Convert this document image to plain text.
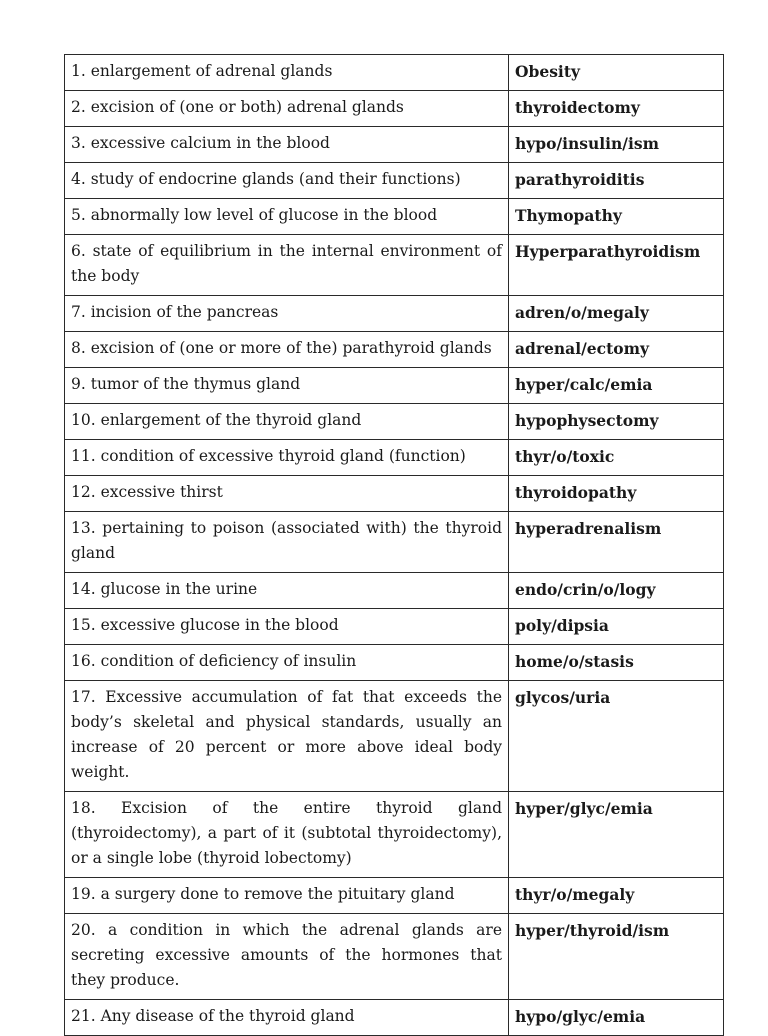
1. enlargement of adrenal glands	Obesity
2. excision of (one or both) adrenal glands	thyroidectomy
3. excessive calcium in the blood	hypo/insulin/ism
4. study of endocrine glands (and their functions)	parathyroiditis
5. abnormally low level of glucose in the blood	Thymopathy
6. state of equilibrium in the internal environment of the body	Hyperparathyroidism
7. incision of the pancreas	adren/o/megaly
8. excision of (one or more of the) parathyroid glands	adrenal/ectomy
9. tumor of the thymus gland	hyper/calc/emia
10. enlargement of the thyroid gland	hypophysectomy
11. condition of excessive thyroid gland (function)	thyr/o/toxic
12. excessive thirst	thyroidopathy
13. pertaining to poison (associated with) the thyroid gland	hyperadrenalism
14. glucose in the urine	endo/crin/o/logy
15. excessive glucose in the blood	poly/dipsia
16. condition of deficiency of insulin	home/o/stasis
17. Excessive accumulation of fat that exceeds the body’s skeletal and physical standards, usually an increase of 20 percent or more above ideal body weight.	glycos/uria
18. Excision of the entire thyroid gland (thyroidectomy), a part of it (subtotal thyroidectomy), or a single lobe (thyroid lobectomy)	hyper/glyc/emia
19. a surgery done to remove the pituitary gland	thyr/o/megaly
20. a condition in which the adrenal glands are secreting excessive amounts of the hormones that they produce.	hyper/thyroid/ism
21. Any disease of the thyroid gland	hypo/glyc/emia
